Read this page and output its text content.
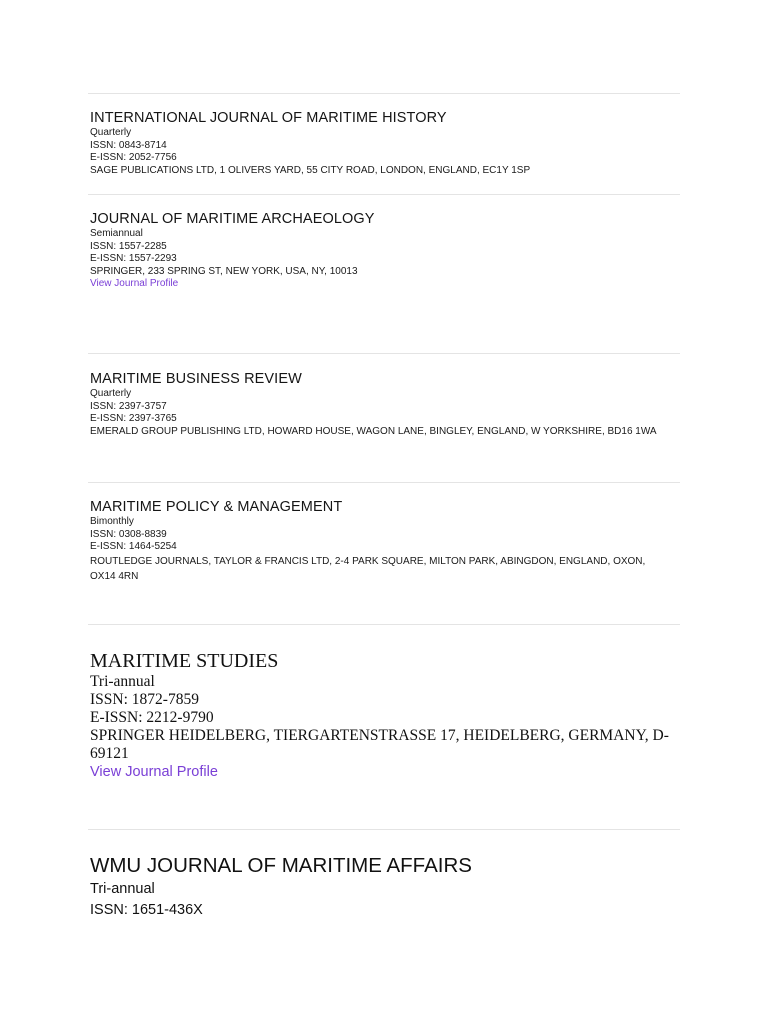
INTERNATIONAL JOURNAL OF MARITIME HISTORY
Quarterly
ISSN: 0843-8714
E-ISSN: 2052-7756
SAGE PUBLICATIONS LTD, 1 OLIVERS YARD, 55 CITY ROAD, LONDON, ENGLAND, EC1Y 1SP
JOURNAL OF MARITIME ARCHAEOLOGY
Semiannual
ISSN: 1557-2285
E-ISSN: 1557-2293
SPRINGER, 233 SPRING ST, NEW YORK, USA, NY, 10013
View Journal Profile
MARITIME BUSINESS REVIEW
Quarterly
ISSN: 2397-3757
E-ISSN: 2397-3765
EMERALD GROUP PUBLISHING LTD, HOWARD HOUSE, WAGON LANE, BINGLEY, ENGLAND, W YORKSHIRE, BD16 1WA
MARITIME POLICY & MANAGEMENT
Bimonthly
ISSN: 0308-8839
E-ISSN: 1464-5254
ROUTLEDGE JOURNALS, TAYLOR & FRANCIS LTD, 2-4 PARK SQUARE, MILTON PARK, ABINGDON, ENGLAND, OXON,
OX14 4RN
MARITIME STUDIES
Tri-annual
ISSN: 1872-7859
E-ISSN: 2212-9790
SPRINGER HEIDELBERG, TIERGARTENSTRASSE 17, HEIDELBERG, GERMANY, D-
69121
View Journal Profile
WMU JOURNAL OF MARITIME AFFAIRS
Tri-annual
ISSN: 1651-436X
